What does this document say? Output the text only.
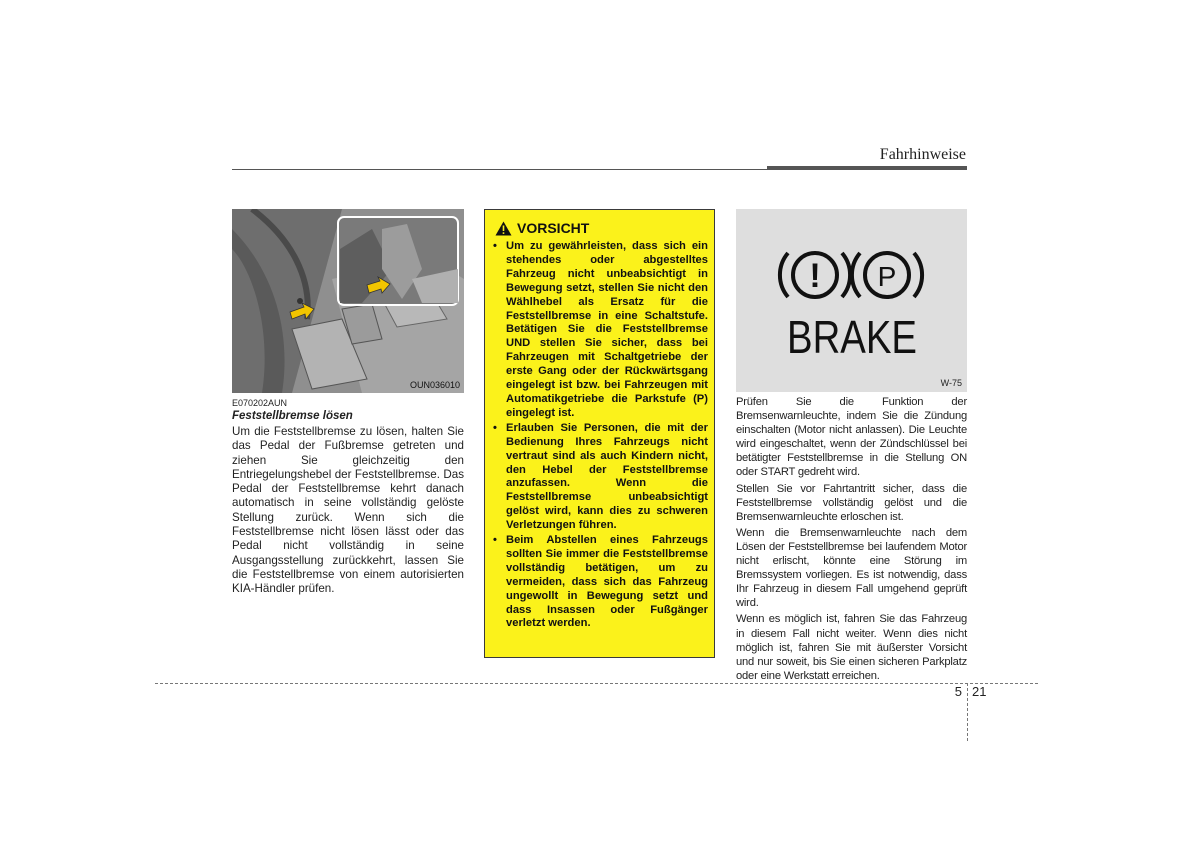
Fahrhinweise
OUN036010
E070202AUN
Feststellbremse lösen
Um die Feststellbremse zu lösen, halten Sie das Pedal der Fußbremse getreten und ziehen Sie gleichzeitig den Entriegelungshebel der Feststellbremse. Das Pedal der Feststellbremse kehrt danach automatisch in seine vollständig gelöste Stellung zurück. Wenn sich die Feststellbremse nicht lösen lässt oder das Pedal nicht vollständig in seine Ausgangsstellung zurückkehrt, lassen Sie die Feststellbremse von einem autorisierten KIA-Händler prüfen.
VORSICHT
• Um zu gewährleisten, dass sich ein stehendes oder abgestelltes Fahrzeug nicht unbeabsichtigt in Bewegung setzt, stellen Sie nicht den Wählhebel als Ersatz für die Feststellbremse in eine Schaltstufe. Betätigen Sie die Feststellbremse UND stellen Sie sicher, dass bei Fahrzeugen mit Schaltgetriebe der erste Gang oder der Rückwärtsgang eingelegt ist bzw. bei Fahrzeugen mit Automatikgetriebe die Parkstufe (P) eingelegt ist.
• Erlauben Sie Personen, die mit der Bedienung Ihres Fahrzeugs nicht vertraut sind als auch Kindern nicht, den Hebel der Feststellbremse anzufassen. Wenn die Feststellbremse unbeabsichtigt gelöst wird, kann dies zu schweren Verletzungen führen.
• Beim Abstellen eines Fahrzeugs sollten Sie immer die Feststellbremse vollständig betätigen, um zu vermeiden, dass sich das Fahrzeug ungewollt in Bewegung setzt und dass Insassen oder Fußgänger verletzt werden.
! P
BRAKE
W-75

Prüfen Sie die Funktion der Bremsenwarnleuchte, indem Sie die Zündung einschalten (Motor nicht anlassen). Die Leuchte wird eingeschaltet, wenn der Zündschlüssel bei betätigter Feststellbremse in die Stellung ON oder START gedreht wird.

Stellen Sie vor Fahrtantritt sicher, dass die Feststellbremse vollständig gelöst und die Bremsenwarnleuchte erloschen ist.

Wenn die Bremsenwarnleuchte nach dem Lösen der Feststellbremse bei laufendem Motor nicht erlischt, könnte eine Störung im Bremssystem vorliegen. Es ist notwendig, dass Ihr Fahrzeug in diesem Fall umgehend geprüft wird.

Wenn es möglich ist, fahren Sie das Fahrzeug in diesem Fall nicht weiter. Wenn dies nicht möglich ist, fahren Sie mit äußerster Vorsicht und nur soweit, bis Sie einen sicheren Parkplatz oder eine Werkstatt erreichen.

5 21
